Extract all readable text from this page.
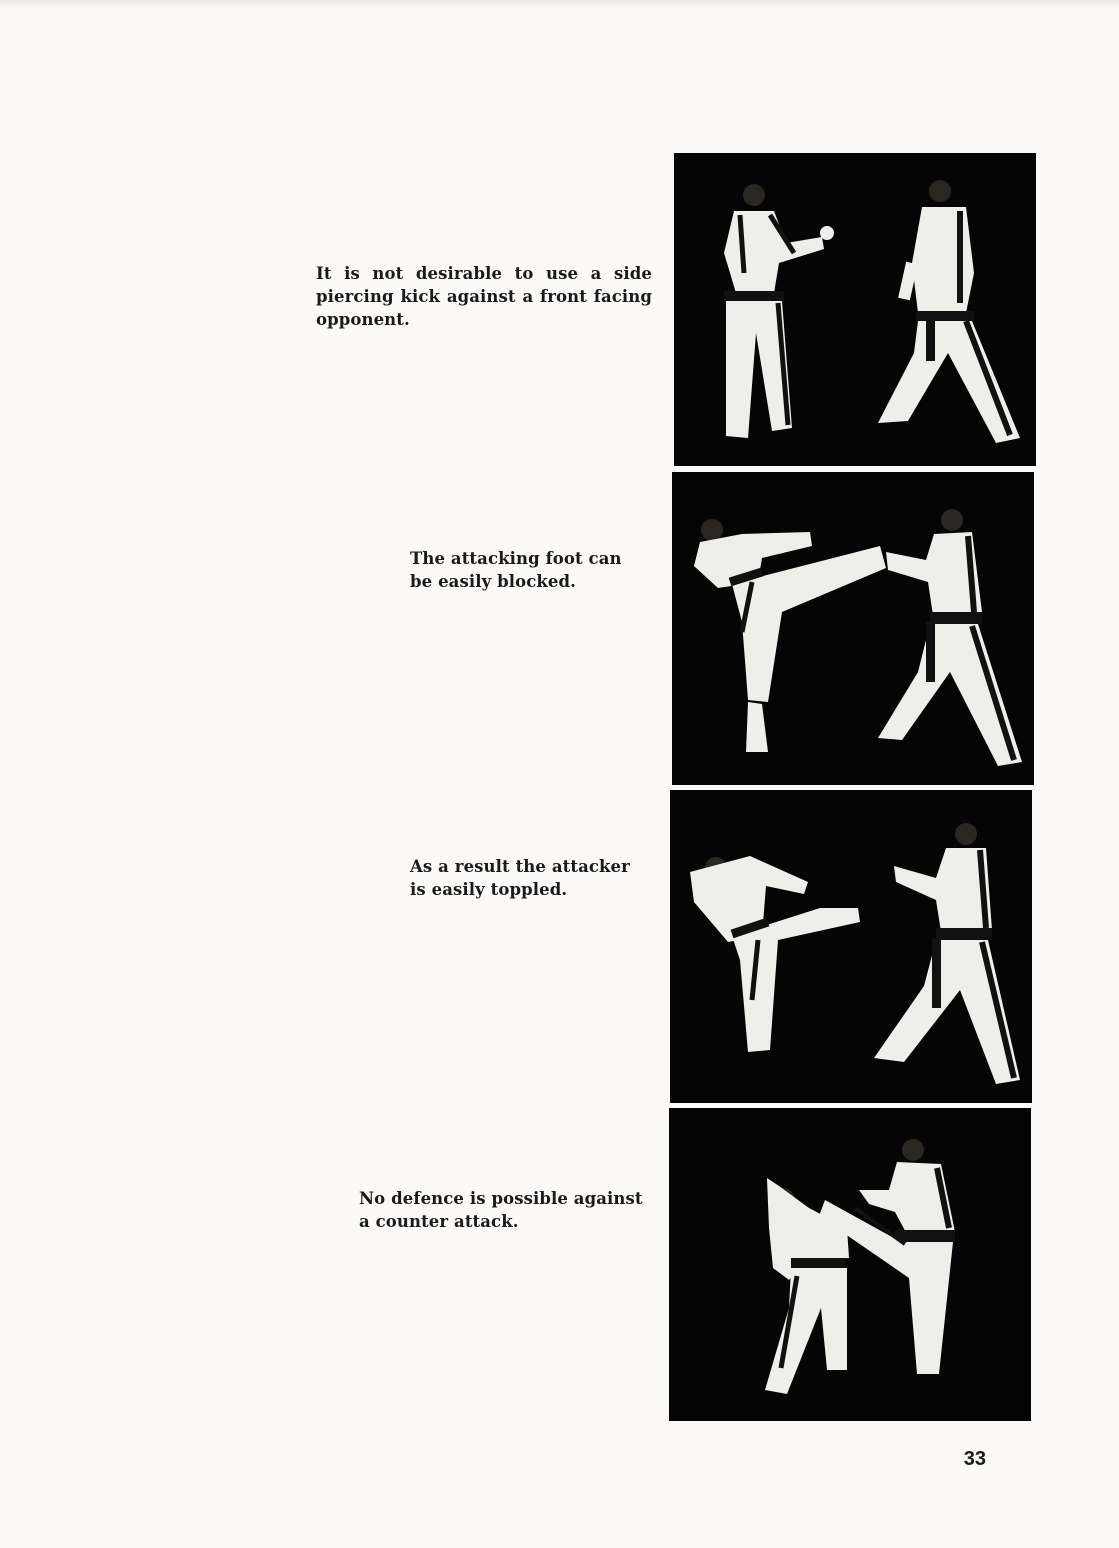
It is not desirable to use a side piercing kick against a front facing opponent.
The attacking foot can
be easily blocked.
As a result the attacker
is easily toppled.
No defence is possible against
a counter attack.
33
